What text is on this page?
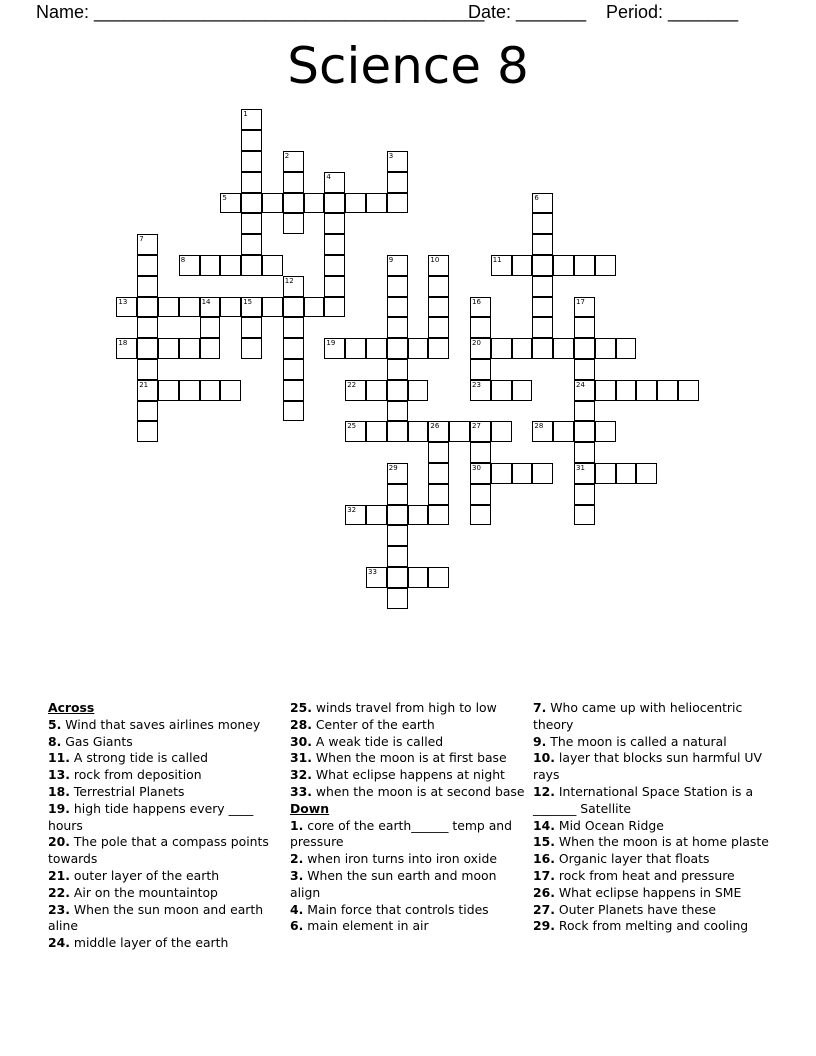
Name: _______________________________________
Date: _______ Period: _______
Science 8
1
2	3
4
5	6
7
21
8	9	10	11
12
13	14	15	16
20
23
17
24
31
18	19
22
25	26	27
30
28
29
32
33
Across
5. Wind that saves airlines money
8. Gas Giants
11. A strong tide is called
13. rock from deposition
18. Terrestrial Planets
19. high tide happens every ____ hours
20. The pole that a compass points towards
21. outer layer of the earth
22. Air on the mountaintop
23. When the sun moon and earth aline
24. middle layer of the earth
25. winds travel from high to low
28. Center of the earth
30. A weak tide is called
31. When the moon is at first base
32. What eclipse happens at night
33. when the moon is at second base
Down
1. core of the earth______ temp and pressure
2. when iron turns into iron oxide
3. When the sun earth and moon align
4. Main force that controls tides
6. main element in air
7. Who came up with heliocentric theory
9. The moon is called a natural
10. layer that blocks sun harmful UV rays
12. International Space Station is a _______ Satellite
14. Mid Ocean Ridge
15. When the moon is at home plaste
16. Organic layer that floats
17. rock from heat and pressure
26. What eclipse happens in SME
27. Outer Planets have these
29. Rock from melting and cooling
